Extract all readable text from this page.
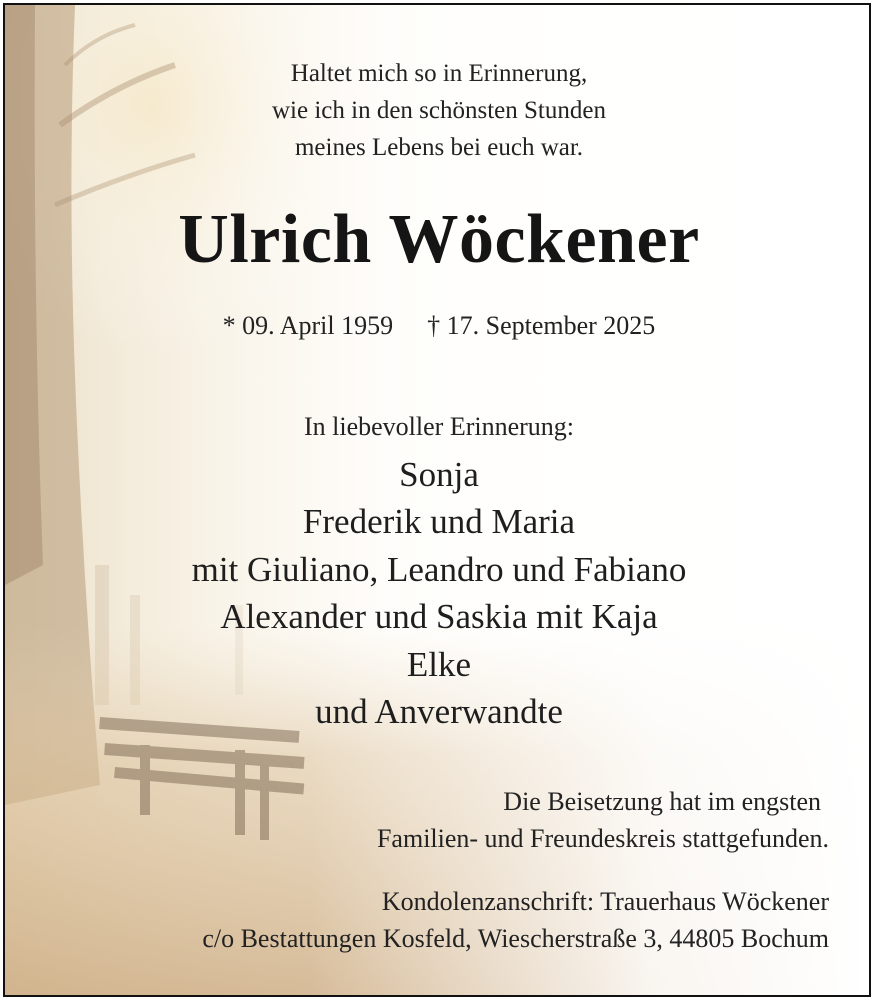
Haltet mich so in Erinnerung,
wie ich in den schönsten Stunden
meines Lebens bei euch war.
Ulrich Wöckener
* 09. April 1959 † 17. September 2025
In liebevoller Erinnerung:
Sonja
Frederik und Maria
mit Giuliano, Leandro und Fabiano
Alexander und Saskia mit Kaja
Elke
und Anverwandte
Die Beisetzung hat im engsten
Familien- und Freundeskreis stattgefunden.
Kondolenzanschrift: Trauerhaus Wöckener
c/o Bestattungen Kosfeld, Wiescherstraße 3, 44805 Bochum
